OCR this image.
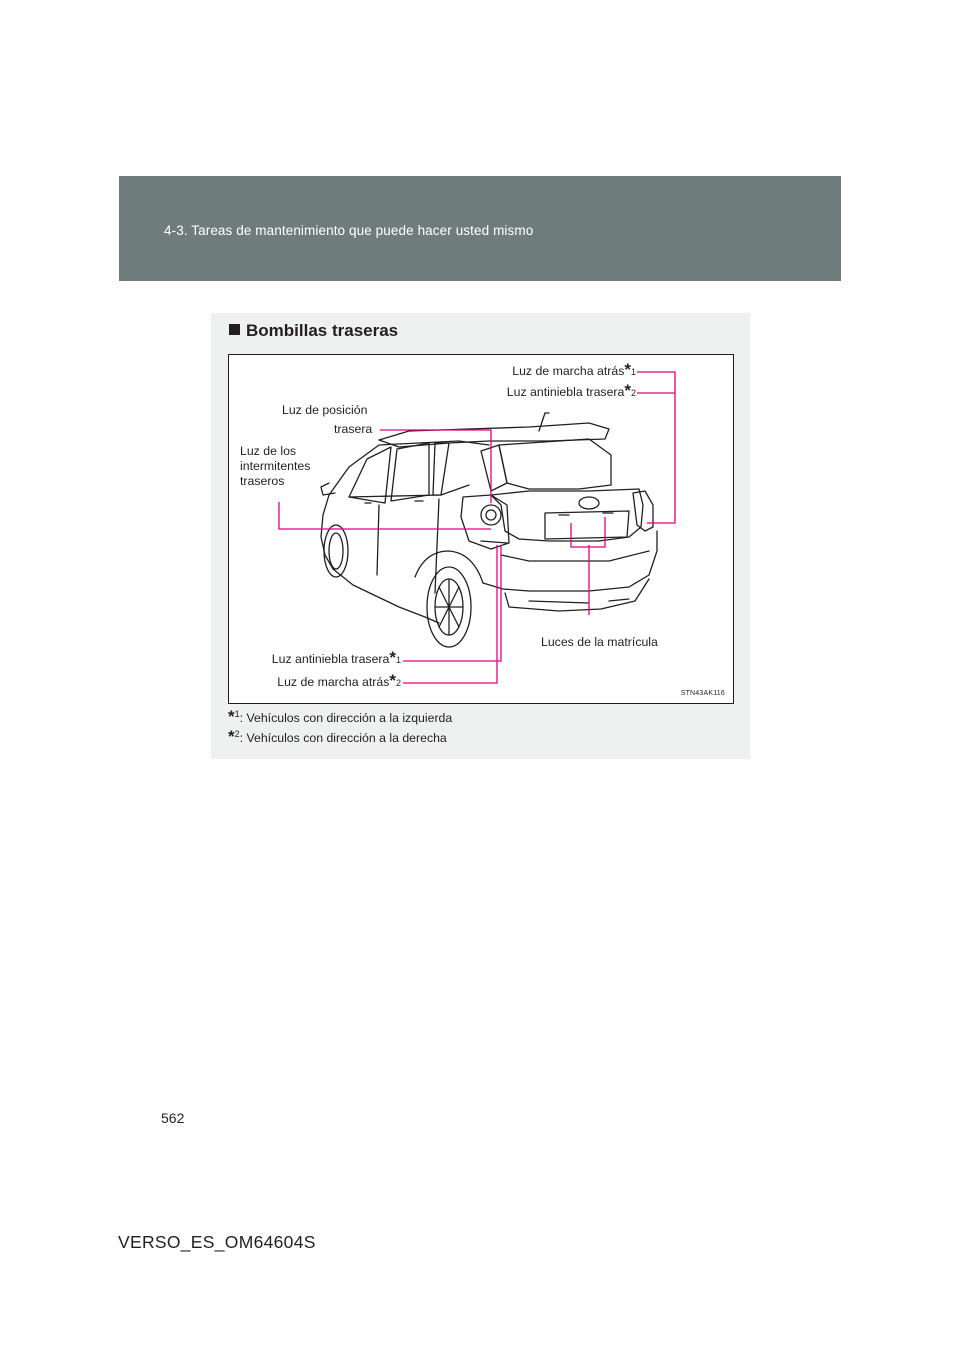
4-3. Tareas de mantenimiento que puede hacer usted mismo
Bombillas traseras
Luz de marcha atrás*1
Luz antiniebla trasera*2
Luz de posición
trasera
Luz de los
intermitentes
traseros
Luces de la matrícula
Luz antiniebla trasera*1
Luz de marcha atrás*2
STN43AK116
*$^1$: Vehículos con dirección a la izquierda
*$^2$: Vehículos con dirección a la derecha
562
VERSO_ES_OM64604S
